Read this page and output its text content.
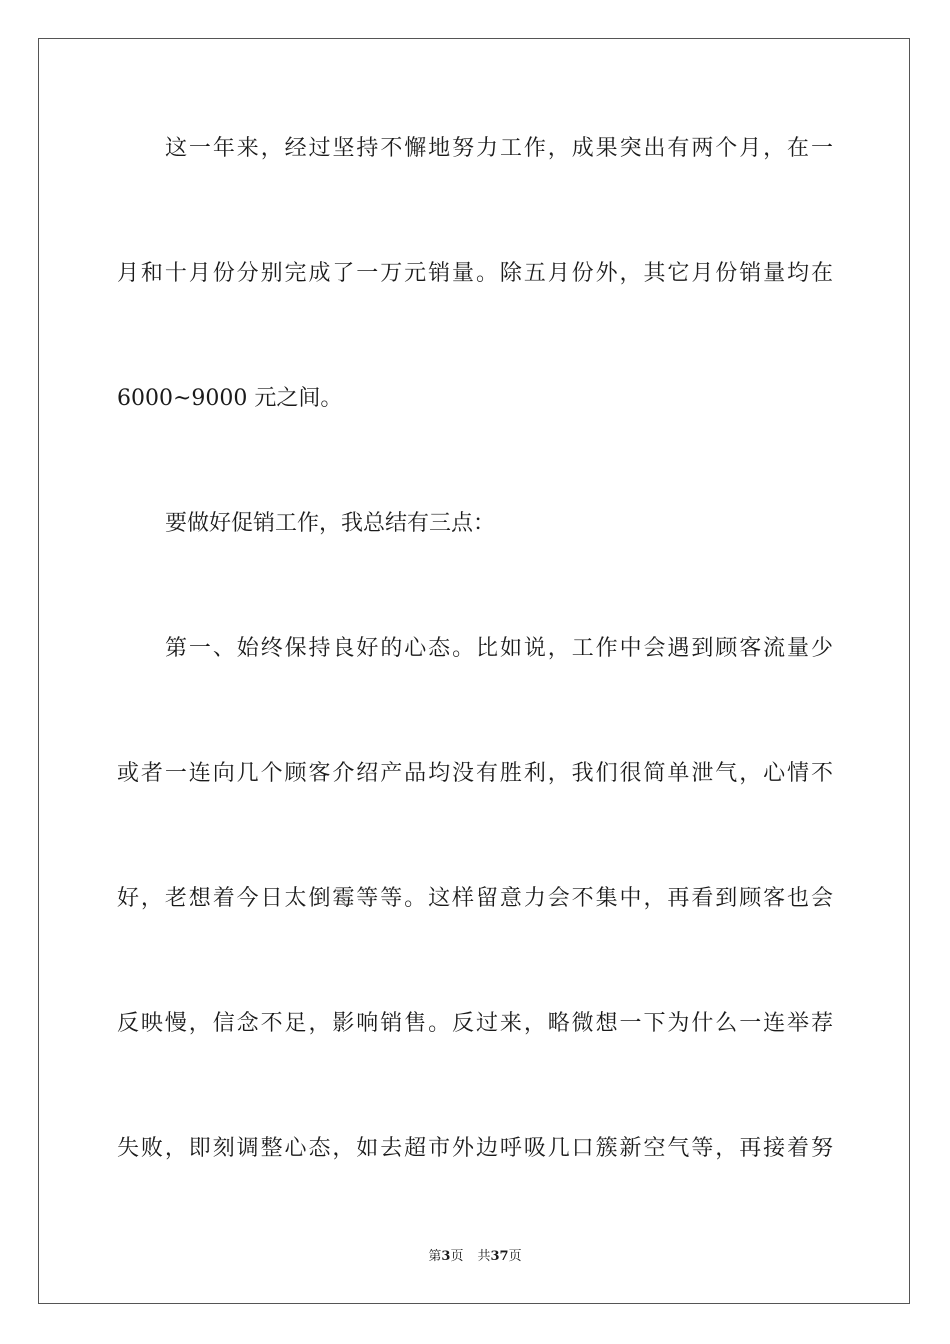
这一年来，经过坚持不懈地努力工作，成果突出有两个月，在一
月和十月份分别完成了一万元销量。除五月份外，其它月份销量均在
6000~9000 元之间。
要做好促销工作，我总结有三点：
第一、始终保持良好的心态。比如说，工作中会遇到顾客流量少
或者一连向几个顾客介绍产品均没有胜利，我们很简单泄气，心情不
好，老想着今日太倒霉等等。这样留意力会不集中，再看到顾客也会
反映慢，信念不足，影响销售。反过来，略微想一下为什么一连举荐
失败，即刻调整心态，如去超市外边呼吸几口簇新空气等，再接着努
第3页 共37页
